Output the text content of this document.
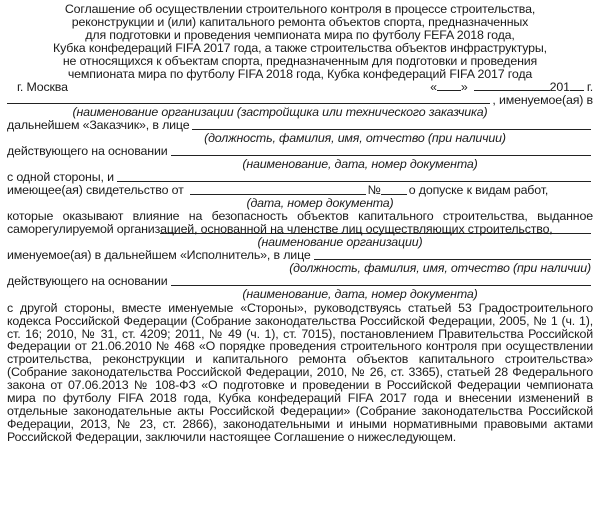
Соглашение об осуществлении строительного контроля в процессе строительства,
реконструкции и (или) капитального ремонта объектов спорта, предназначенных
для подготовки и проведения чемпионата мира по футболу FEFA 2018 года,
Кубка конфедераций FIFA 2017 года, а также строительства объектов инфраструктуры,
не относящихся к объектам спорта, предназначенным для подготовки и проведения
чемпионата мира по футболу FIFA 2018 года, Кубка конфедераций FIFA 2017 года
г. Москва	« »	201 г.
, именуемое(ая) в
(наименование организации (застройщика или технического заказчика)
дальнейшем «Заказчик», в лице
(должность, фамилия, имя, отчество (при наличии)
действующего на основании
(наименование, дата, номер документа)
с одной стороны, и
имеющее(ая) свидетельство от	№ о допуске к видам работ,
(дата, номер документа)
которые оказывают влияние на безопасность объектов капитального строительства, выданное саморегулируемой организацией, основанной на членстве лиц осуществляющих строительство,
(наименование организации)
именуемое(ая) в дальнейшем «Исполнитель», в лице
(должность, фамилия, имя, отчество (при наличии)
действующего на основании
(наименование, дата, номер документа)
с другой стороны, вместе именуемые «Стороны», руководствуясь статьей 53 Градостроительного кодекса Российской Федерации (Собрание законодательства Российской Федерации, 2005, № 1 (ч. 1), ст. 16; 2010, № 31, ст. 4209; 2011, № 49 (ч. 1), ст. 7015), постановлением Правительства Российской Федерации от 21.06.2010 № 468 «О порядке проведения строительного контроля при осуществлении строительства, реконструкции и капитального ремонта объектов капитального строительства» (Собрание законодательства Российской Федерации, 2010, № 26, ст. 3365), статьей 28 Федерального закона от 07.06.2013 № 108-ФЗ «О подготовке и проведении в Российской Федерации чемпионата мира по футболу FIFA 2018 года, Кубка конфедераций FIFA 2017 года и внесении изменений в отдельные законодательные акты Российской Федерации» (Собрание законодательства Российской Федерации, 2013, № 23, ст. 2866), законодательными и иными нормативными правовыми актами Российской Федерации, заключили настоящее Соглашение о нижеследующем.
